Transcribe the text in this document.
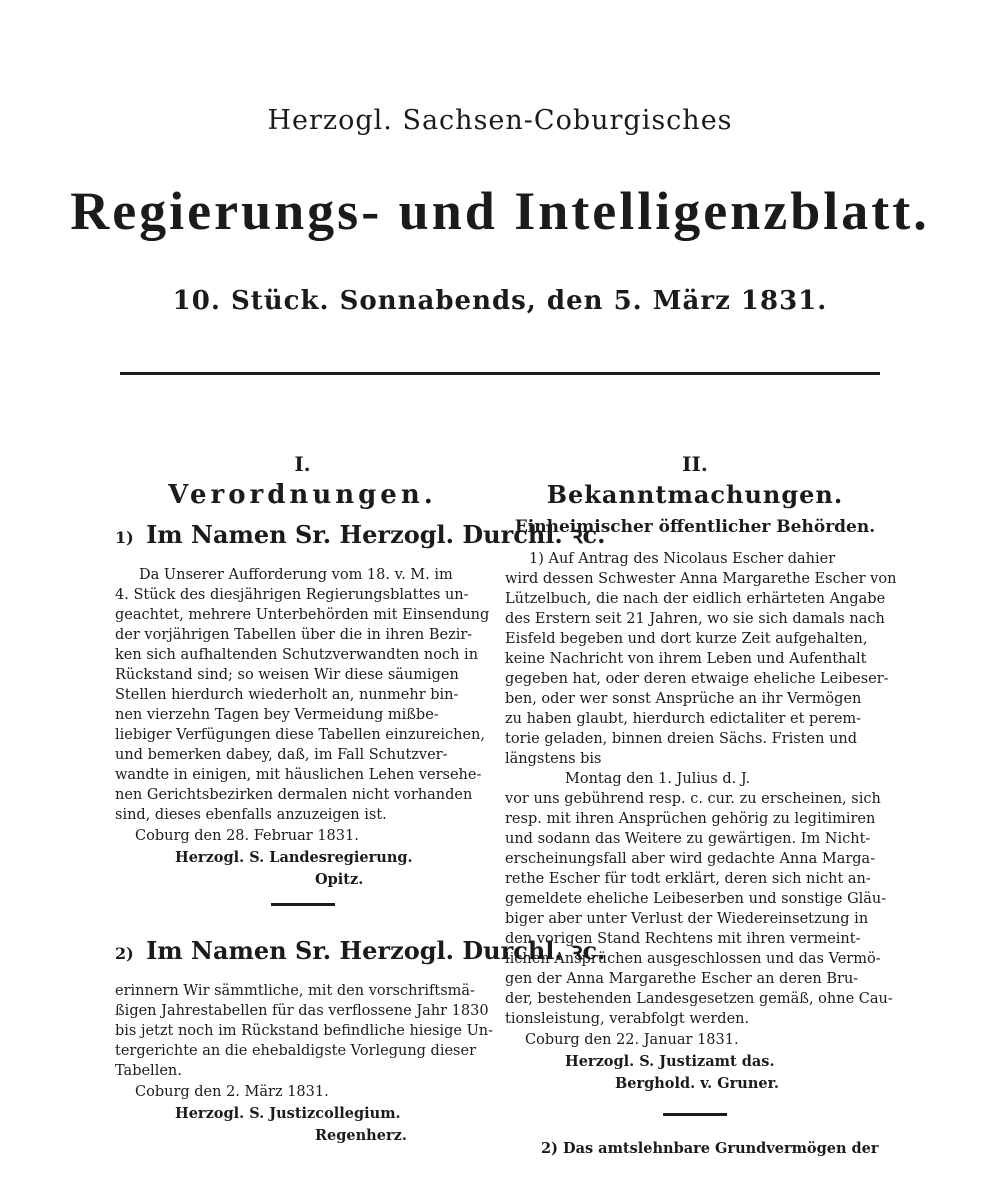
Herzogl. Sachsen-Coburgisches
Regierungs- und Intelligenzblatt.
10. Stück. Sonnabends, den 5. März 1831.
I.
Verordnungen.
1) Im Namen Sr. Herzogl. Durchl. ꝛc.

Da Unserer Aufforderung vom 18. v. M. im

4. Stück des diesjährigen Regierungsblattes un-

geachtet, mehrere Unterbehörden mit Einsendung

der vorjährigen Tabellen über die in ihren Bezir-

ken sich aufhaltenden Schutzverwandten noch in

Rückstand sind; so weisen Wir diese säumigen

Stellen hierdurch wiederholt an, nunmehr bin-

nen vierzehn Tagen bey Vermeidung mißbe-

liebiger Verfügungen diese Tabellen einzureichen,

und bemerken dabey, daß, im Fall Schutzver-

wandte in einigen, mit häuslichen Lehen versehe-

nen Gerichtsbezirken dermalen nicht vorhanden

sind, dieses ebenfalls anzuzeigen ist.

Coburg den 28. Februar 1831.

Herzogl. S. Landesregierung.

Opitz.

2) Im Namen Sr. Herzogl. Durchl. ꝛc.

erinnern Wir sämmtliche, mit den vorschriftsmä-

ßigen Jahrestabellen für das verflossene Jahr 1830

bis jetzt noch im Rückstand befindliche hiesige Un-

tergerichte an die ehebaldigste Vorlegung dieser

Tabellen.

Coburg den 2. März 1831.

Herzogl. S. Justizcollegium.

Regenherz.

II.
Bekanntmachungen.
Einheimischer öffentlicher Behörden.

1) Auf Antrag des Nicolaus Escher dahier

wird dessen Schwester Anna Margarethe Escher von

Lützelbuch, die nach der eidlich erhärteten Angabe

des Erstern seit 21 Jahren, wo sie sich damals nach

Eisfeld begeben und dort kurze Zeit aufgehalten,

keine Nachricht von ihrem Leben und Aufenthalt

gegeben hat, oder deren etwaige eheliche Leibeser-

ben, oder wer sonst Ansprüche an ihr Vermögen

zu haben glaubt, hierdurch edictaliter et perem-

torie geladen, binnen dreien Sächs. Fristen und

längstens bis

Montag den 1. Julius d. J.

vor uns gebührend resp. c. cur. zu erscheinen, sich

resp. mit ihren Ansprüchen gehörig zu legitimiren

und sodann das Weitere zu gewärtigen. Im Nicht-

erscheinungsfall aber wird gedachte Anna Marga-

rethe Escher für todt erklärt, deren sich nicht an-

gemeldete eheliche Leibeserben und sonstige Gläu-

biger aber unter Verlust der Wiedereinsetzung in

den vorigen Stand Rechtens mit ihren vermeint-

lichen Ansprüchen ausgeschlossen und das Vermö-

gen der Anna Margarethe Escher an deren Bru-

der, bestehenden Landesgesetzen gemäß, ohne Cau-

tionsleistung, verabfolgt werden.

Coburg den 22. Januar 1831.

Herzogl. S. Justizamt das.

Berghold. v. Gruner.

2) Das amtslehnbare Grundvermögen der
